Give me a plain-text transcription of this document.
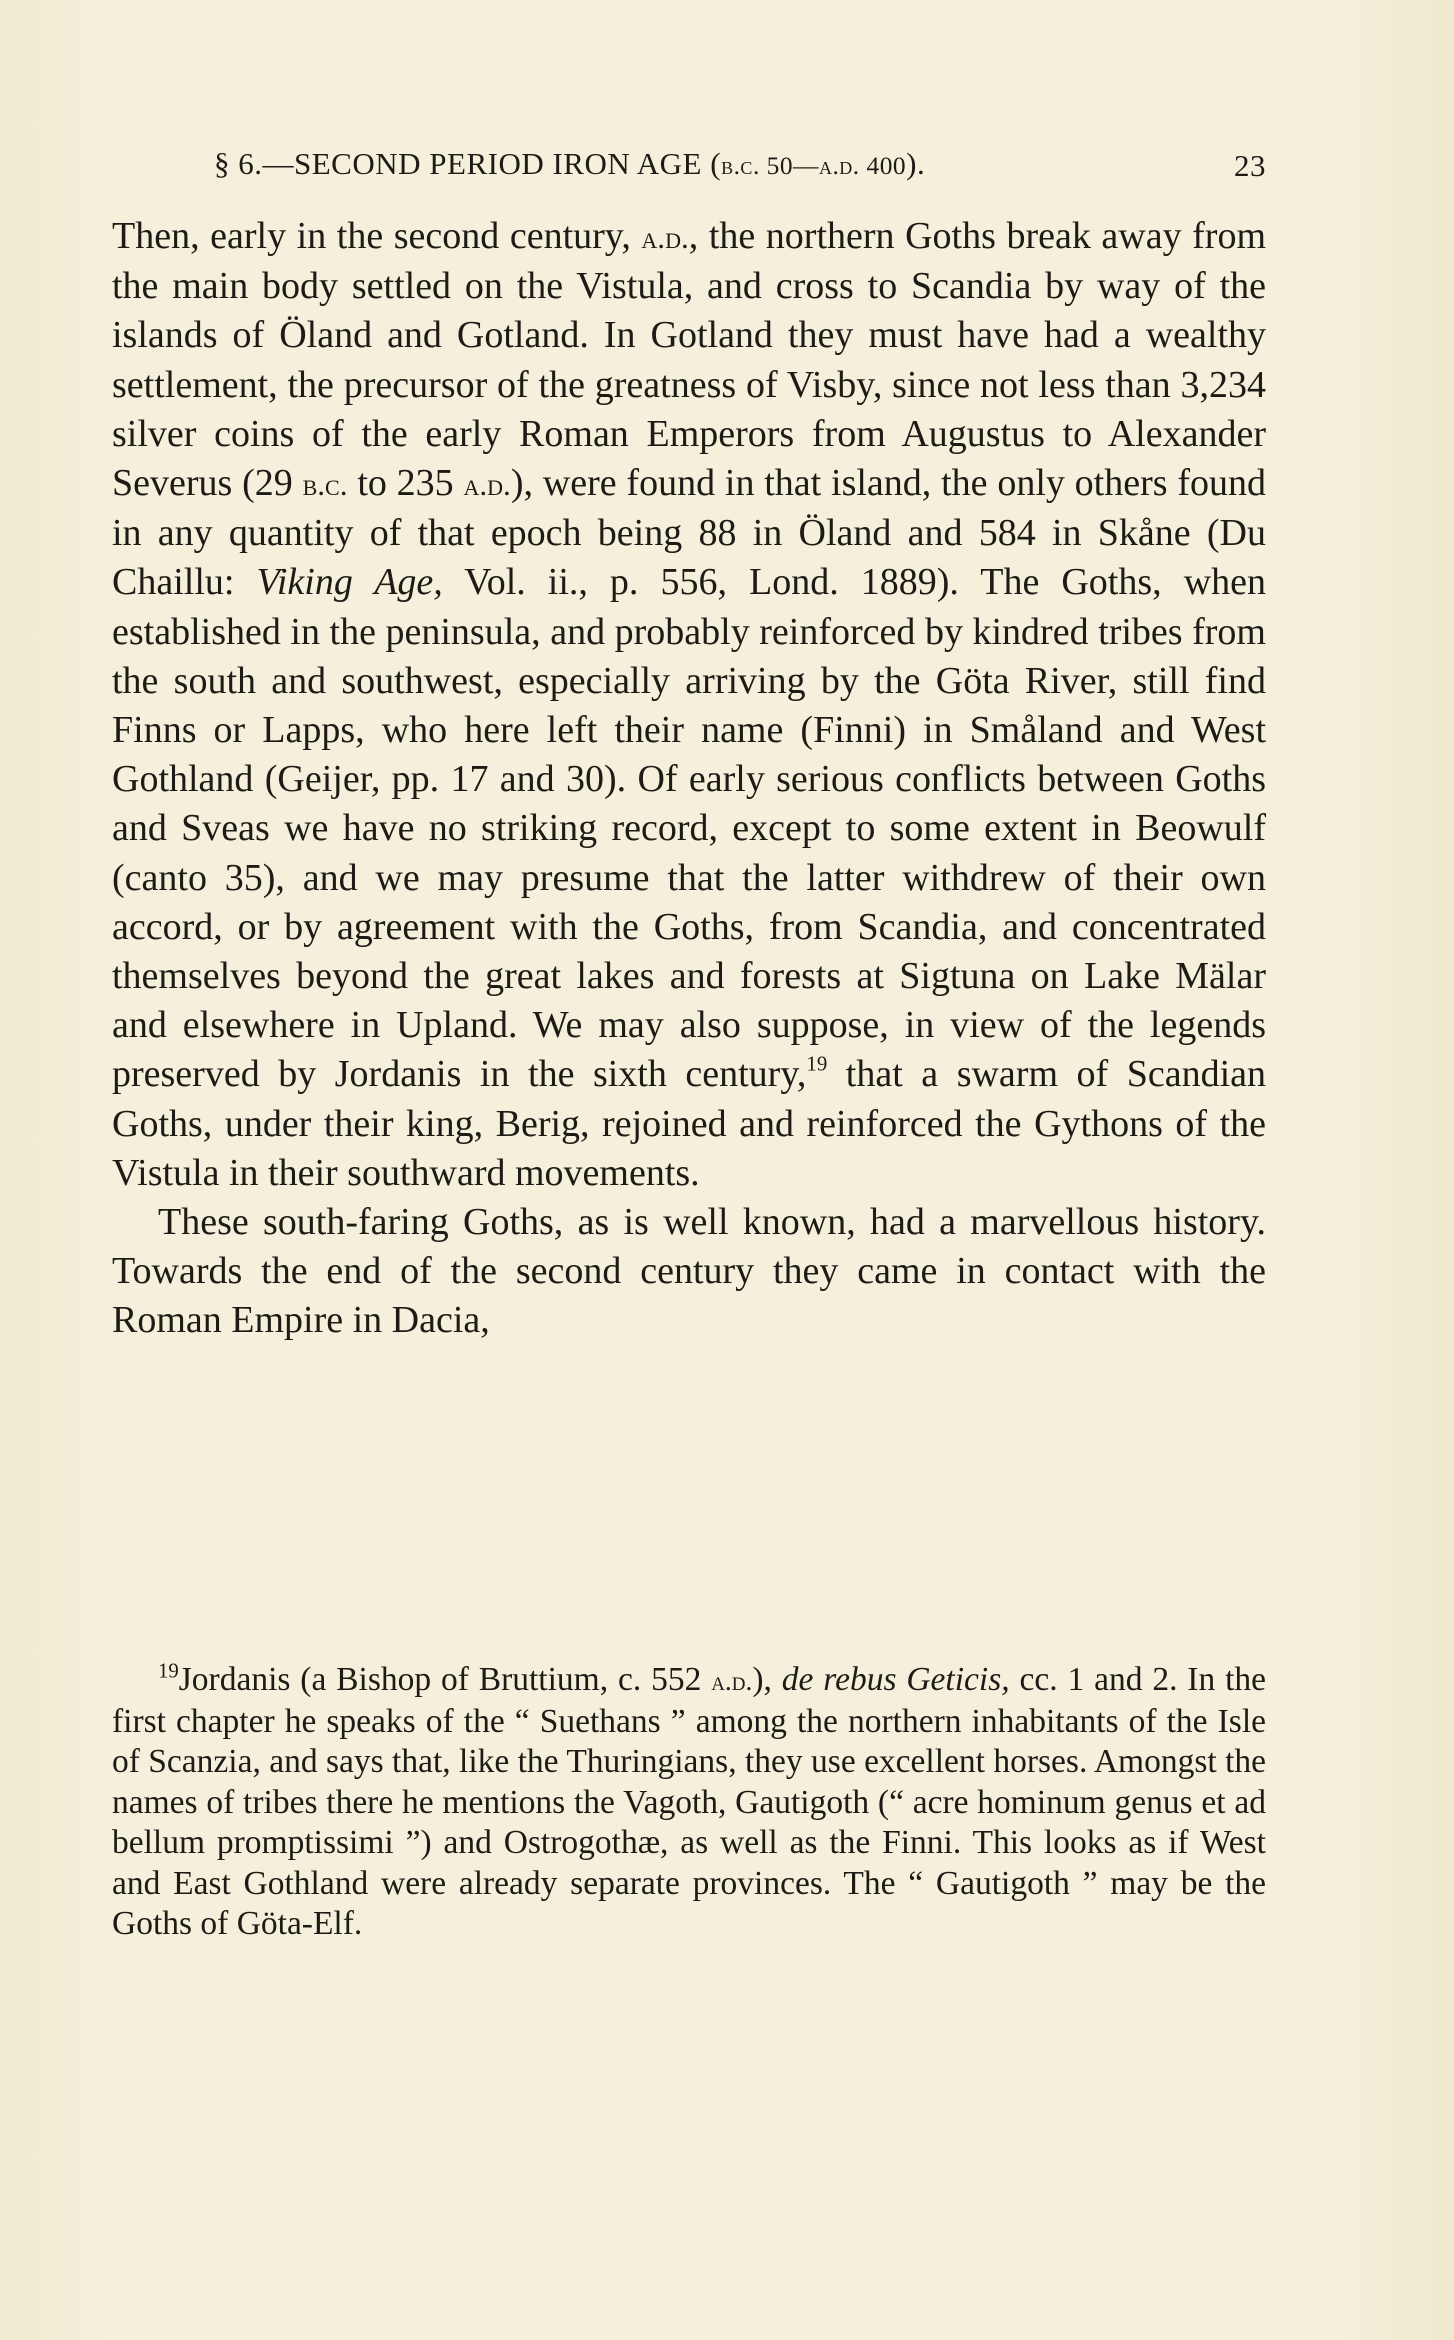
§ 6.—SECOND PERIOD IRON AGE (b.c. 50—a.d. 400).	23

Then, early in the second century, a.d., the northern Goths break away from the main body settled on the Vistula, and cross to Scandia by way of the islands of Öland and Gotland. In Gotland they must have had a wealthy settlement, the precursor of the greatness of Visby, since not less than 3,234 silver coins of the early Roman Emperors from Augustus to Alexander Severus (29 b.c. to 235 a.d.), were found in that island, the only others found in any quantity of that epoch being 88 in Öland and 584 in Skåne (Du Chaillu: Viking Age, Vol. ii., p. 556, Lond. 1889). The Goths, when established in the peninsula, and probably reinforced by kindred tribes from the south and southwest, especially arriving by the Göta River, still find Finns or Lapps, who here left their name (Finni) in Småland and West Gothland (Geijer, pp. 17 and 30). Of early serious conflicts between Goths and Sveas we have no striking record, except to some extent in Beowulf (canto 35), and we may presume that the latter withdrew of their own accord, or by agreement with the Goths, from Scandia, and concentrated themselves beyond the great lakes and forests at Sigtuna on Lake Mälar and elsewhere in Upland. We may also suppose, in view of the legends preserved by Jordanis in the sixth century,$^{19}$ that a swarm of Scandian Goths, under their king, Berig, rejoined and reinforced the Gythons of the Vistula in their southward movements.

These south-faring Goths, as is well known, had a marvellous history. Towards the end of the second century they came in contact with the Roman Empire in Dacia,

$^{19}$Jordanis (a Bishop of Bruttium, c. 552 a.d.), de rebus Geticis, cc. 1 and 2. In the first chapter he speaks of the “ Suethans ” among the northern inhabitants of the Isle of Scanzia, and says that, like the Thuringians, they use excellent horses. Amongst the names of tribes there he mentions the Vagoth, Gautigoth (“ acre hominum genus et ad bellum promptissimi ”) and Ostrogothæ, as well as the Finni. This looks as if West and East Gothland were already separate provinces. The “ Gautigoth ” may be the Goths of Göta-Elf.
